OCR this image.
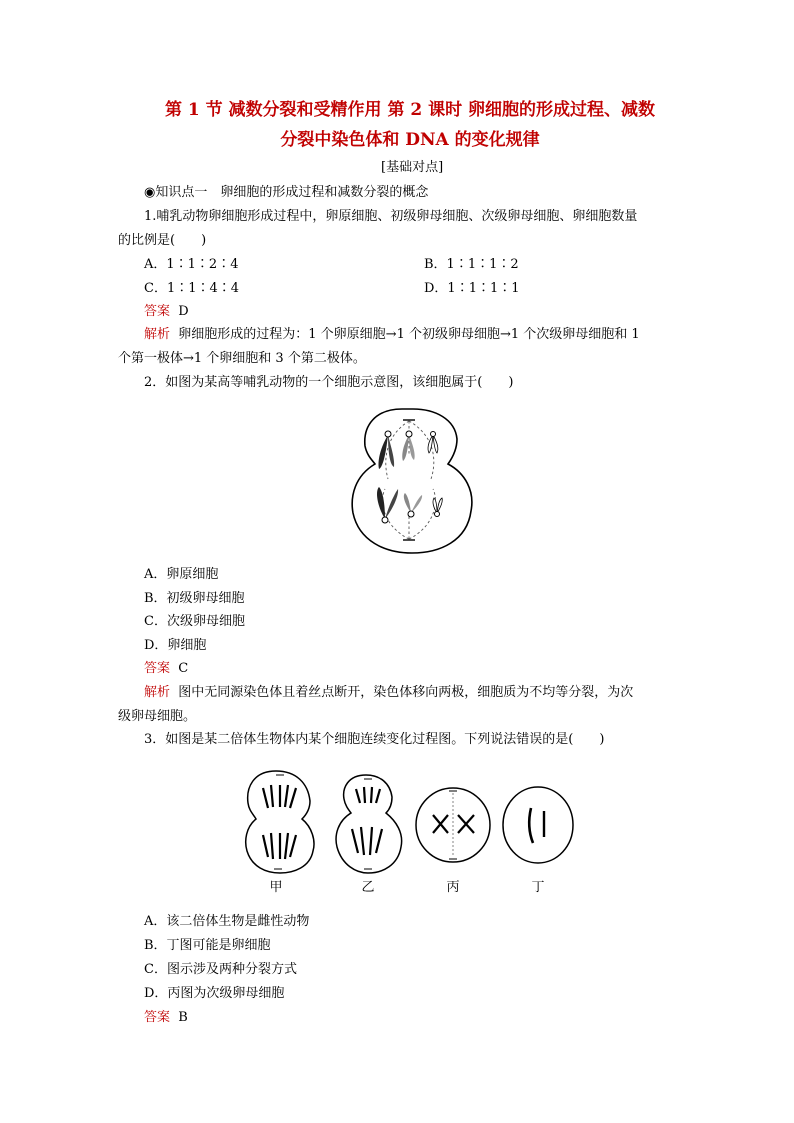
第 1 节 减数分裂和受精作用 第 2 课时 卵细胞的形成过程、减数
分裂中染色体和 DNA 的变化规律
[基础对点]
◉知识点一　卵细胞的形成过程和减数分裂的概念
1.哺乳动物卵细胞形成过程中，卵原细胞、初级卵母细胞、次级卵母细胞、卵细胞数量
的比例是(　　)
A．1∶1∶2∶4	B．1∶1∶1∶2
C．1∶1∶4∶4	D．1∶1∶1∶1
答案 D
解析 卵细胞形成的过程为：1 个卵原细胞→1 个初级卵母细胞→1 个次级卵母细胞和 1
个第一极体→1 个卵细胞和 3 个第二极体。
2．如图为某高等哺乳动物的一个细胞示意图，该细胞属于(　　)
A．卵原细胞
B．初级卵母细胞
C．次级卵母细胞
D．卵细胞
答案 C
解析 图中无同源染色体且着丝点断开，染色体移向两极，细胞质为不均等分裂，为次
级卵母细胞。
3．如图是某二倍体生物体内某个细胞连续变化过程图。下列说法错误的是(　　)
甲	乙	丙	丁
A．该二倍体生物是雌性动物
B．丁图可能是卵细胞
C．图示涉及两种分裂方式
D．丙图为次级卵母细胞
答案 B
